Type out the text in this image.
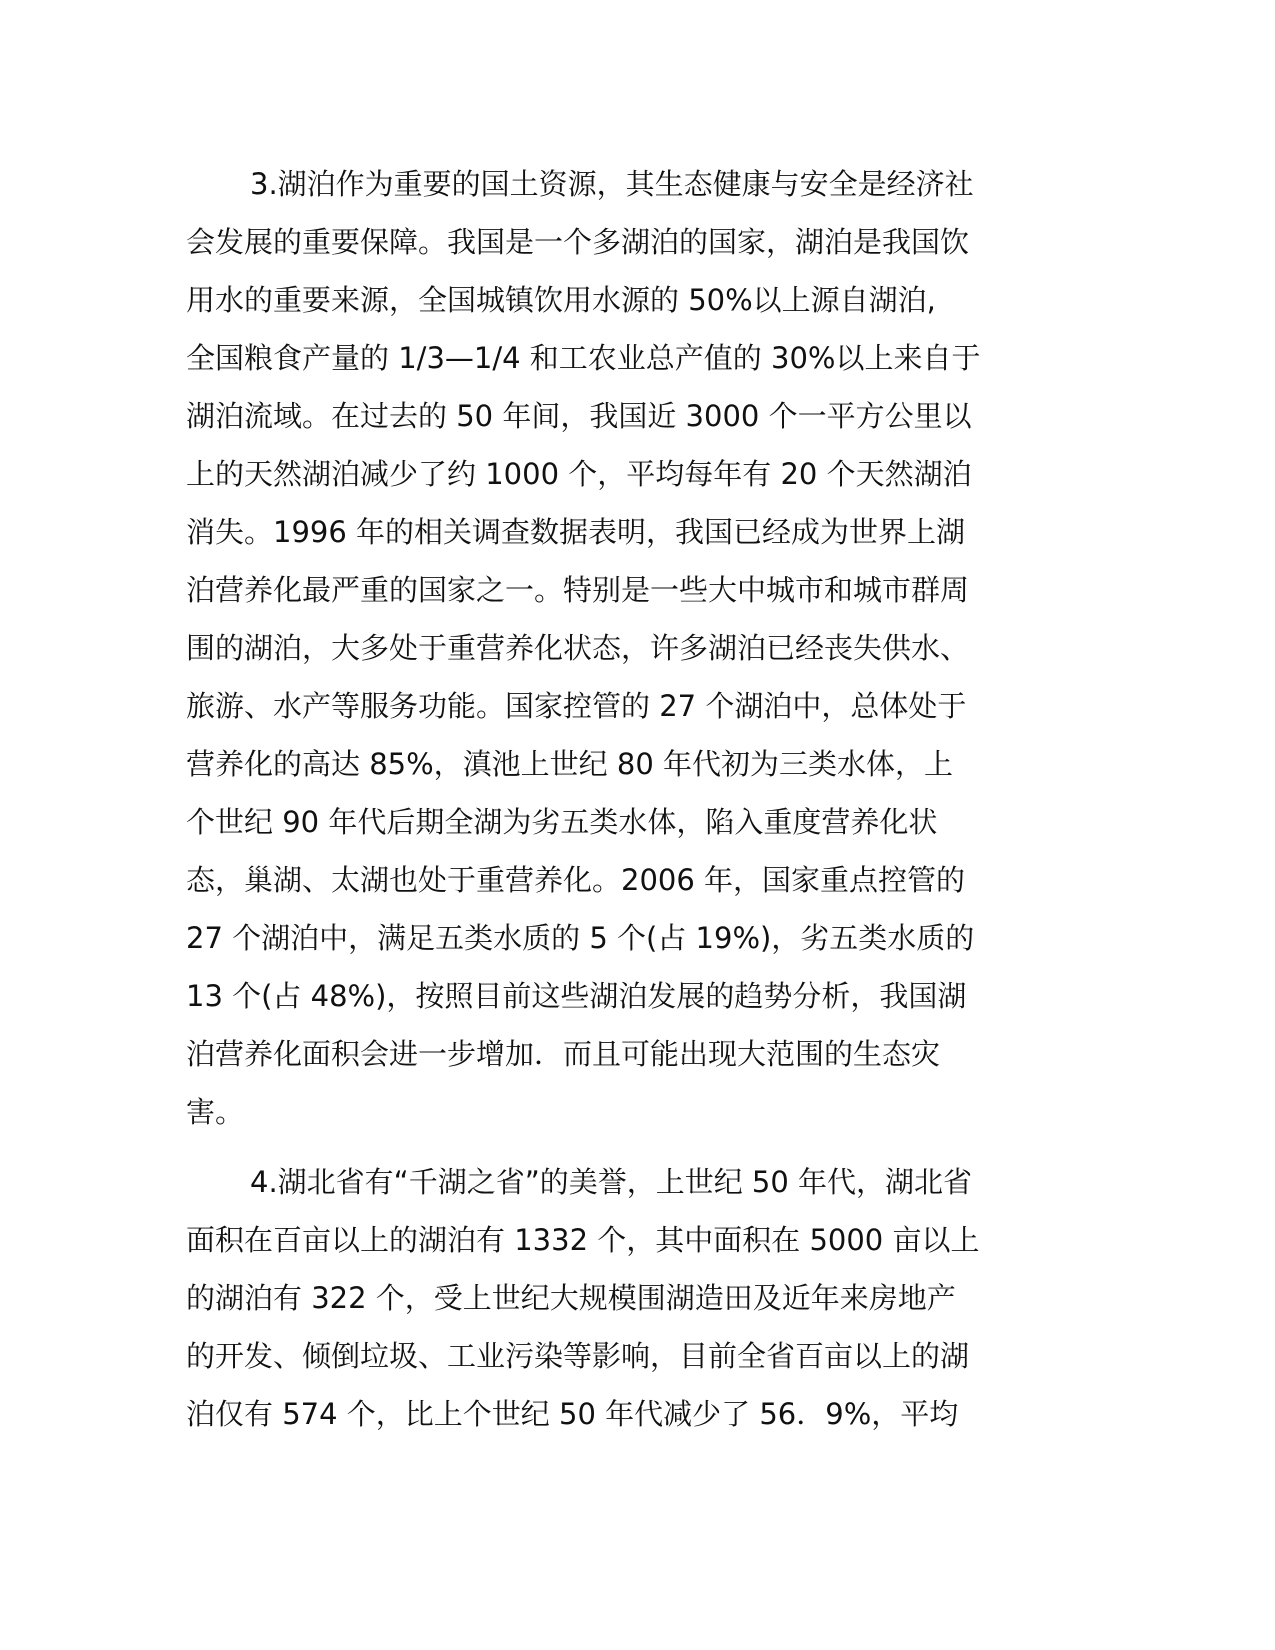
3.湖泊作为重要的国土资源，其生态健康与安全是经济社
会发展的重要保障。我国是一个多湖泊的国家，湖泊是我国饮
用水的重要来源，全国城镇饮用水源的 50%以上源自湖泊,
全国粮食产量的 1/3—1/4 和工农业总产值的 30%以上来自于
湖泊流域。在过去的 50 年间，我国近 3000 个一平方公里以
上的天然湖泊减少了约 1000 个，平均每年有 20 个天然湖泊
消失。1996 年的相关调查数据表明，我国已经成为世界上湖
泊营养化最严重的国家之一。特别是一些大中城市和城市群周
围的湖泊，大多处于重营养化状态，许多湖泊已经丧失供水、
旅游、水产等服务功能。国家控管的 27 个湖泊中，总体处于
营养化的高达 85%，滇池上世纪 80 年代初为三类水体，上
个世纪 90 年代后期全湖为劣五类水体，陷入重度营养化状
态，巢湖、太湖也处于重营养化。2006 年，国家重点控管的
27 个湖泊中，满足五类水质的 5 个(占 19%)，劣五类水质的
13 个(占 48%)，按照目前这些湖泊发展的趋势分析，我国湖
泊营养化面积会进一步增加．而且可能出现大范围的生态灾
害。
4.湖北省有“千湖之省”的美誉，上世纪 50 年代，湖北省
面积在百亩以上的湖泊有 1332 个，其中面积在 5000 亩以上
的湖泊有 322 个，受上世纪大规模围湖造田及近年来房地产
的开发、倾倒垃圾、工业污染等影响，目前全省百亩以上的湖
泊仅有 574 个，比上个世纪 50 年代减少了 56．9%，平均
